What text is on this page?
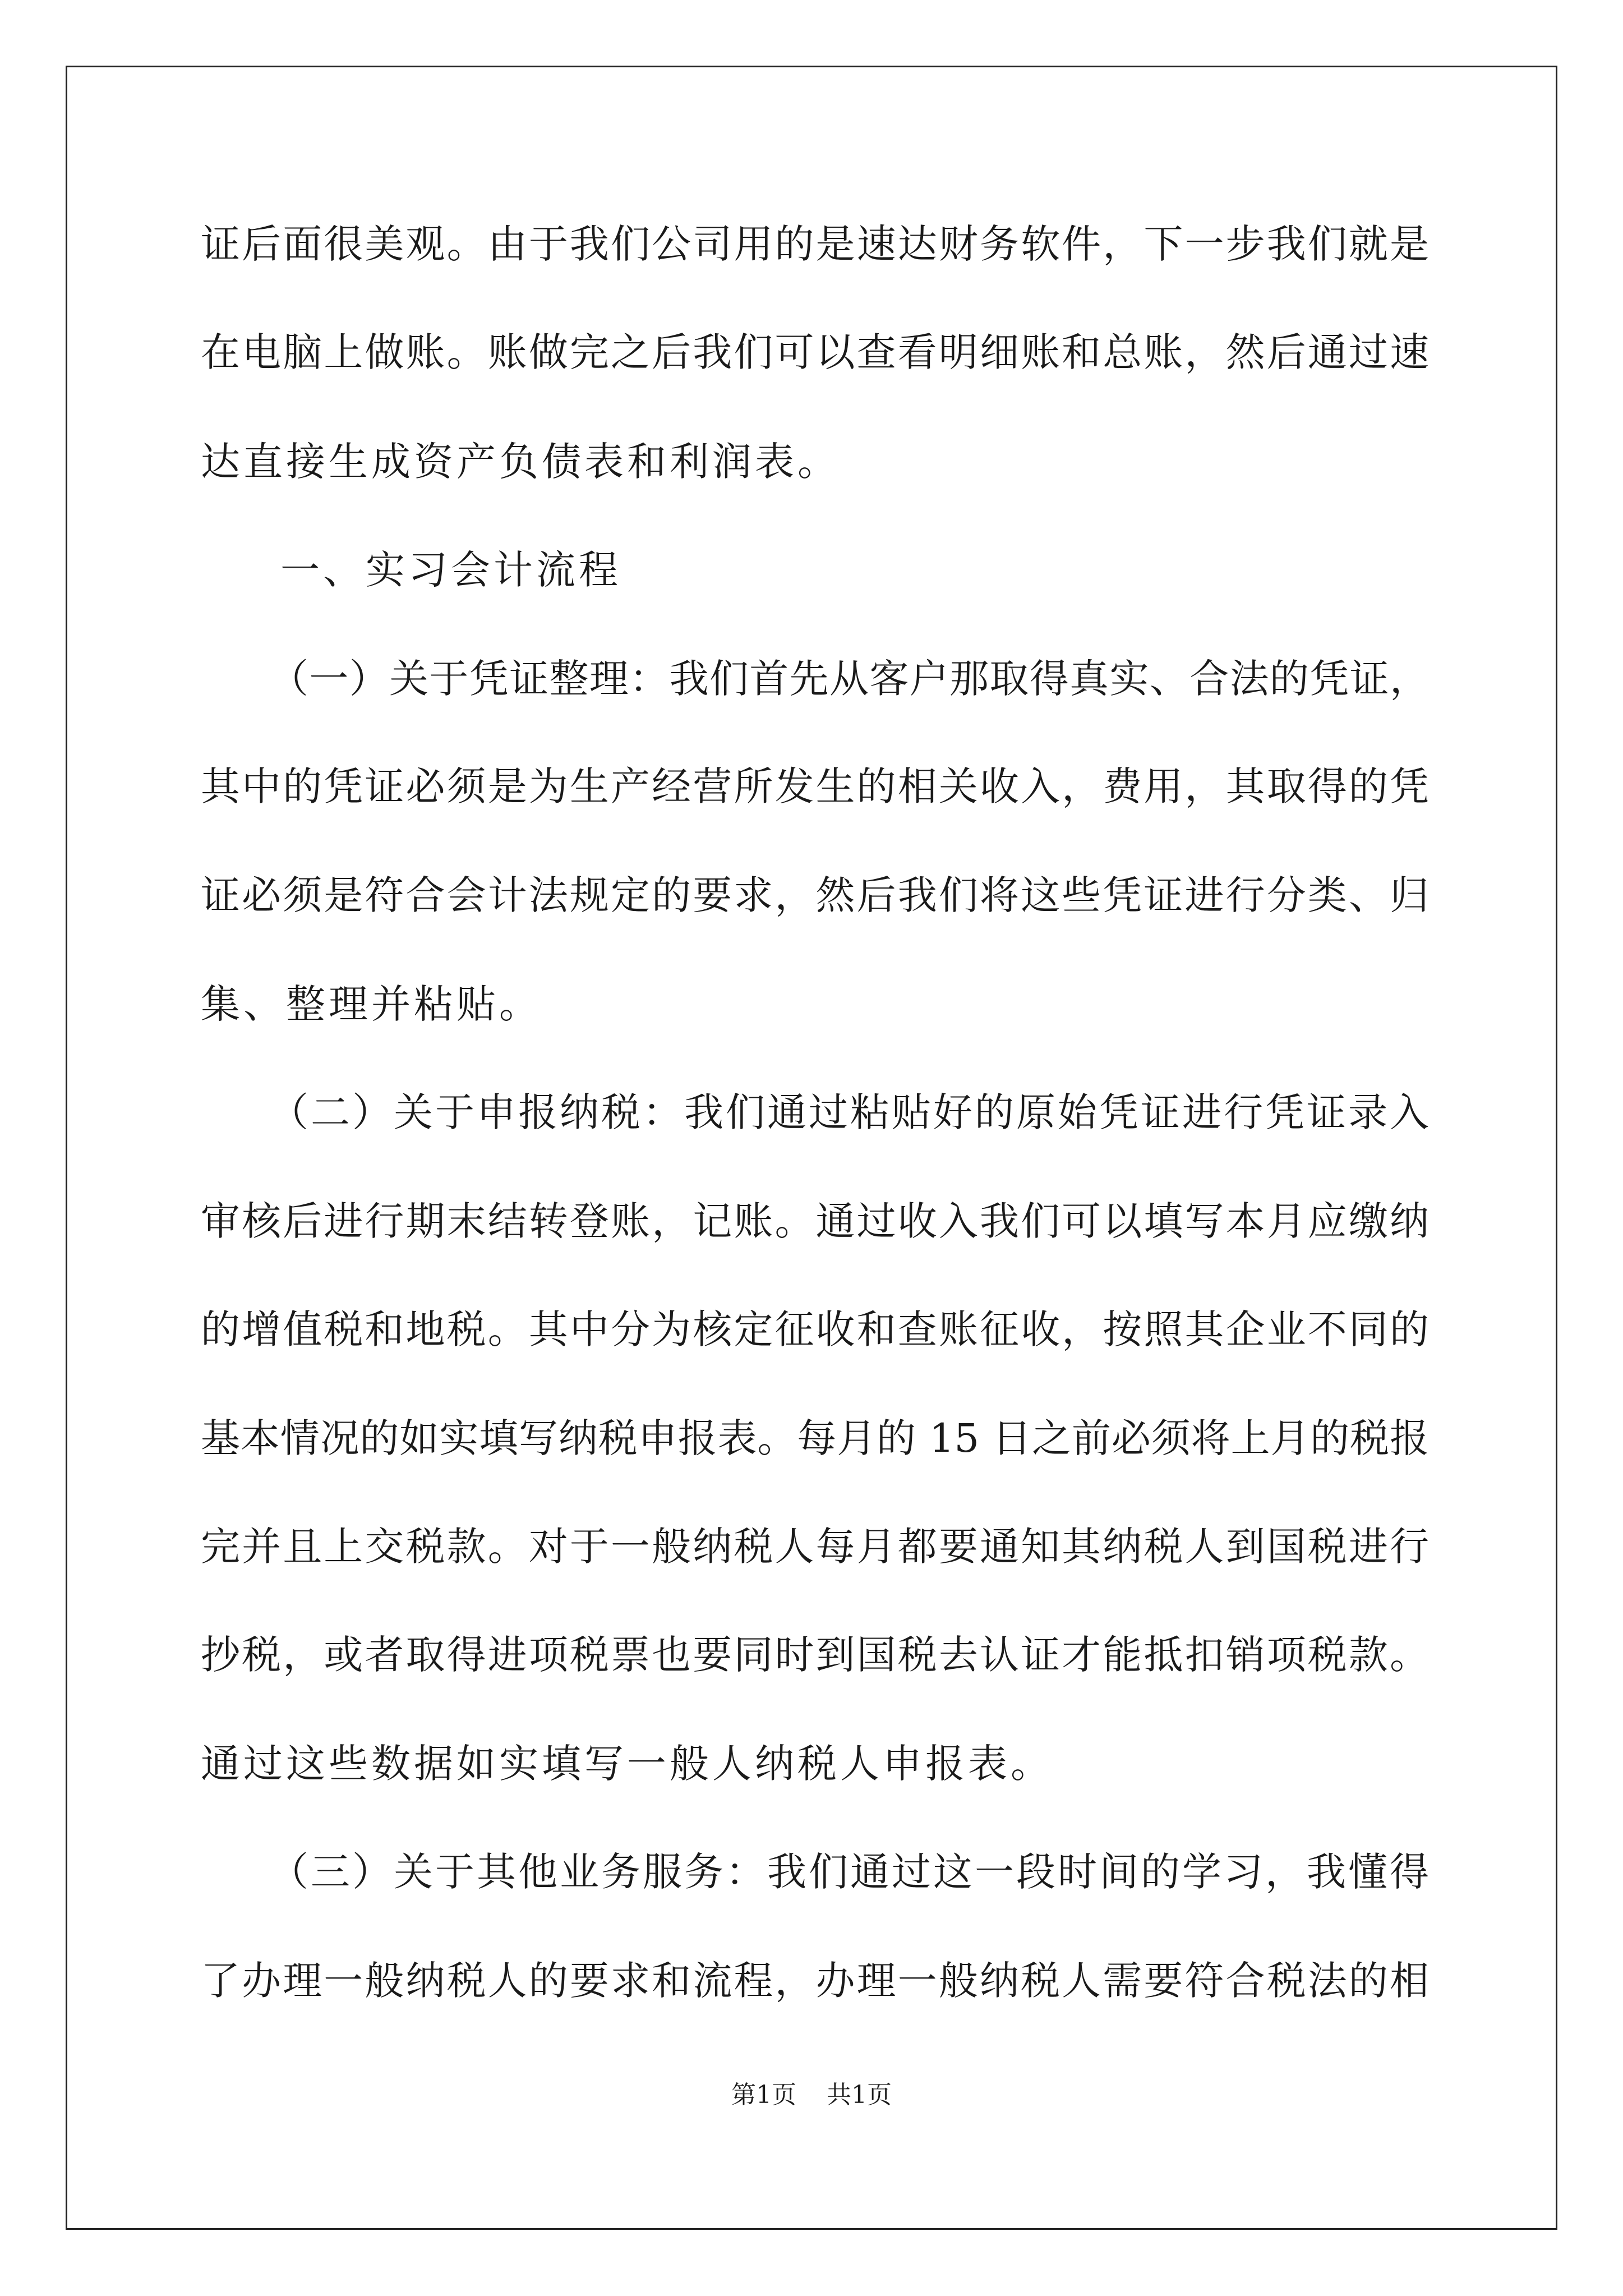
证后面很美观。由于我们公司用的是速达财务软件，下一步我们就是
在电脑上做账。账做完之后我们可以查看明细账和总账，然后通过速
达直接生成资产负债表和利润表。
一、实习会计流程
（一）关于凭证整理：我们首先从客户那取得真实、合法的凭证，
其中的凭证必须是为生产经营所发生的相关收入，费用，其取得的凭
证必须是符合会计法规定的要求，然后我们将这些凭证进行分类、归
集、整理并粘贴。
（二）关于申报纳税：我们通过粘贴好的原始凭证进行凭证录入
审核后进行期末结转登账，记账。通过收入我们可以填写本月应缴纳
的增值税和地税。其中分为核定征收和查账征收，按照其企业不同的
基本情况的如实填写纳税申报表。每月的 15 日之前必须将上月的税报
完并且上交税款。对于一般纳税人每月都要通知其纳税人到国税进行
抄税，或者取得进项税票也要同时到国税去认证才能抵扣销项税款。
通过这些数据如实填写一般人纳税人申报表。
（三）关于其他业务服务：我们通过这一段时间的学习，我懂得
了办理一般纳税人的要求和流程，办理一般纳税人需要符合税法的相
第1页 共1页
